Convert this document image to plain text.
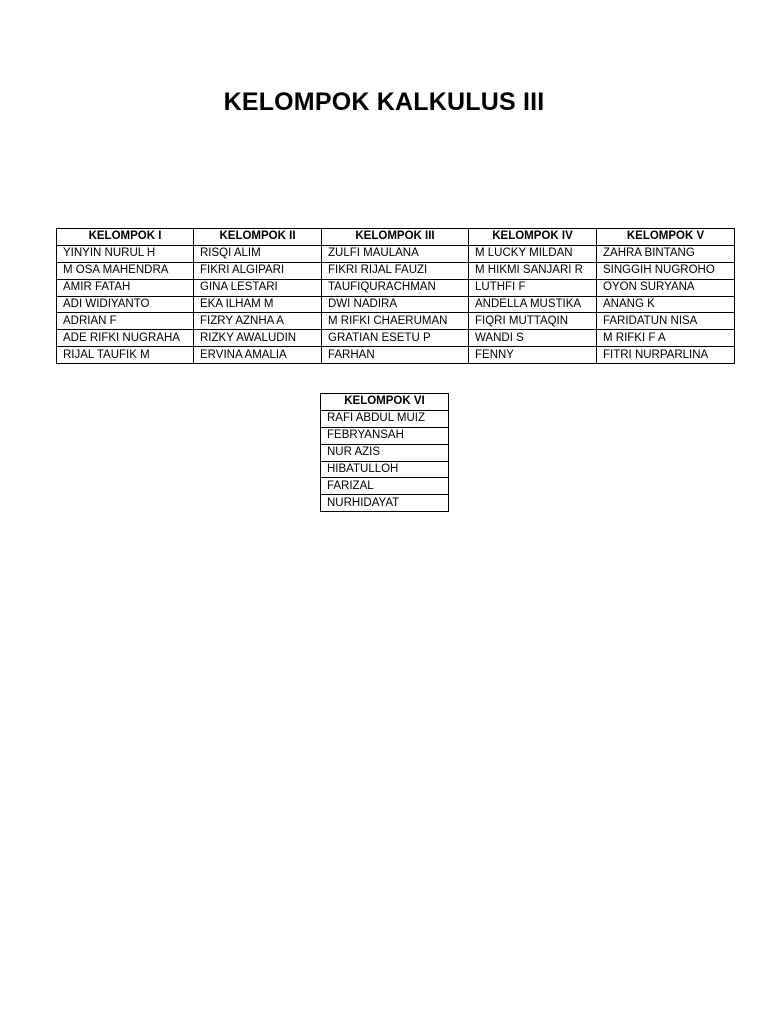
KELOMPOK KALKULUS III
KELOMPOK I	KELOMPOK II	KELOMPOK III	KELOMPOK IV	KELOMPOK V
YINYIN NURUL H	RISQI ALIM	ZULFI MAULANA	M LUCKY MILDAN	ZAHRA BINTANG
M OSA MAHENDRA	FIKRI ALGIPARI	FIKRI RIJAL FAUZI	M HIKMI SANJARI R	SINGGIH NUGROHO
AMIR FATAH	GINA LESTARI	TAUFIQURACHMAN	LUTHFI F	OYON SURYANA
ADI WIDIYANTO	EKA ILHAM M	DWI NADIRA	ANDELLA MUSTIKA	ANANG K
ADRIAN F	FIZRY AZNHA A	M RIFKI CHAERUMAN	FIQRI MUTTAQIN	FARIDATUN NISA
ADE RIFKI NUGRAHA	RIZKY AWALUDIN	GRATIAN ESETU P	WANDI S	M RIFKI F A
RIJAL TAUFIK M	ERVINA AMALIA	FARHAN	FENNY	FITRI NURPARLINA
KELOMPOK VI
RAFI ABDUL MUIZ
FEBRYANSAH
NUR AZIS
HIBATULLOH
FARIZAL
NURHIDAYAT
